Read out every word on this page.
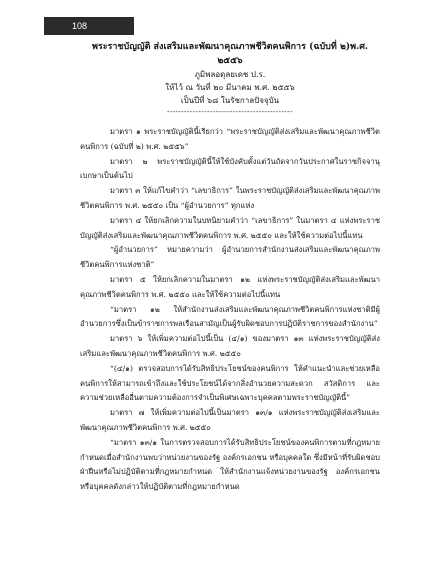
108
พระราชบัญญัติ ส่งเสริมและพัฒนาคุณภาพชีวิตคนพิการ (ฉบับที่ ๒)พ.ศ. ๒๕๕๖
ภูมิพลอดุลยเดช ป.ร.
ให้ไว้ ณ วันที่ ๒๐ มีนาคม พ.ศ. ๒๕๕๖
เป็นปีที่ ๖๘ ในรัชกาลปัจจุบัน
--------------------------------------------

มาตรา ๑ พระราชบัญญัตินี้เรียกว่า “พระราชบัญญัติส่งเสริมและพัฒนาคุณภาพชีวิตคนพิการ (ฉบับที่ ๒) พ.ศ. ๒๕๕๖”

มาตรา ๒ พระราชบัญญัตินี้ให้ใช้บังคับตั้งแต่วันถัดจากวันประกาศในราชกิจจานุเบกษาเป็นต้นไป

มาตรา ๓ ให้แก้ไขคำว่า “เลขาธิการ” ในพระราชบัญญัติส่งเสริมและพัฒนาคุณภาพชีวิตคนพิการ พ.ศ. ๒๕๕๐ เป็น “ผู้อำนวยการ” ทุกแห่ง

มาตรา ๔ ให้ยกเลิกความในบทนิยามคำว่า “เลขาธิการ” ในมาตรา ๔ แห่งพระราชบัญญัติส่งเสริมและพัฒนาคุณภาพชีวิตคนพิการ พ.ศ. ๒๕๕๐ และให้ใช้ความต่อไปนี้แทน

“ผู้อำนวยการ” หมายความว่า ผู้อำนวยการสำนักงานส่งเสริมและพัฒนาคุณภาพชีวิตคนพิการแห่งชาติ”

มาตรา ๕ ให้ยกเลิกความในมาตรา ๑๒ แห่งพระราชบัญญัติส่งเสริมและพัฒนาคุณภาพชีวิตคนพิการ พ.ศ. ๒๕๕๐ และให้ใช้ความต่อไปนี้แทน

“มาตรา ๑๒ ให้สำนักงานส่งเสริมและพัฒนาคุณภาพชีวิตคนพิการแห่งชาติมีผู้อำนวยการซึ่งเป็นข้าราชการพลเรือนสามัญเป็นผู้รับผิดชอบการปฏิบัติราชการของสำนักงาน”

มาตรา ๖ ให้เพิ่มความต่อไปนี้เป็น (๔/๑) ของมาตรา ๑๓ แห่งพระราชบัญญัติส่งเสริมและพัฒนาคุณภาพชีวิตคนพิการ พ.ศ. ๒๕๕๐

“(๔/๑) ตรวจสอบการได้รับสิทธิประโยชน์ของคนพิการ ให้คำแนะนำและช่วยเหลือคนพิการให้สามารถเข้าถึงและใช้ประโยชน์ได้จากสิ่งอำนวยความสะดวก สวัสดิการ และความช่วยเหลืออื่นตามความต้องการจำเป็นพิเศษเฉพาะบุคคลตามพระราชบัญญัตินี้”

มาตรา ๗ ให้เพิ่มความต่อไปนี้เป็นมาตรา ๑๓/๑ แห่งพระราชบัญญัติส่งเสริมและพัฒนาคุณภาพชีวิตคนพิการ พ.ศ. ๒๕๕๐

“มาตรา ๑๓/๑ ในการตรวจสอบการได้รับสิทธิประโยชน์ของคนพิการตามที่กฎหมายกำหนดเมื่อสำนักงานพบว่าหน่วยงานของรัฐ องค์กรเอกชน หรือบุคคลใด ซึ่งมีหน้าที่รับผิดชอบฝ่าฝืนหรือไม่ปฏิบัติตามที่กฎหมายกำหนด ให้สำนักงานแจ้งหน่วยงานของรัฐ องค์กรเอกชน หรือบุคคลดังกล่าวให้ปฏิบัติตามที่กฎหมายกำหนด
